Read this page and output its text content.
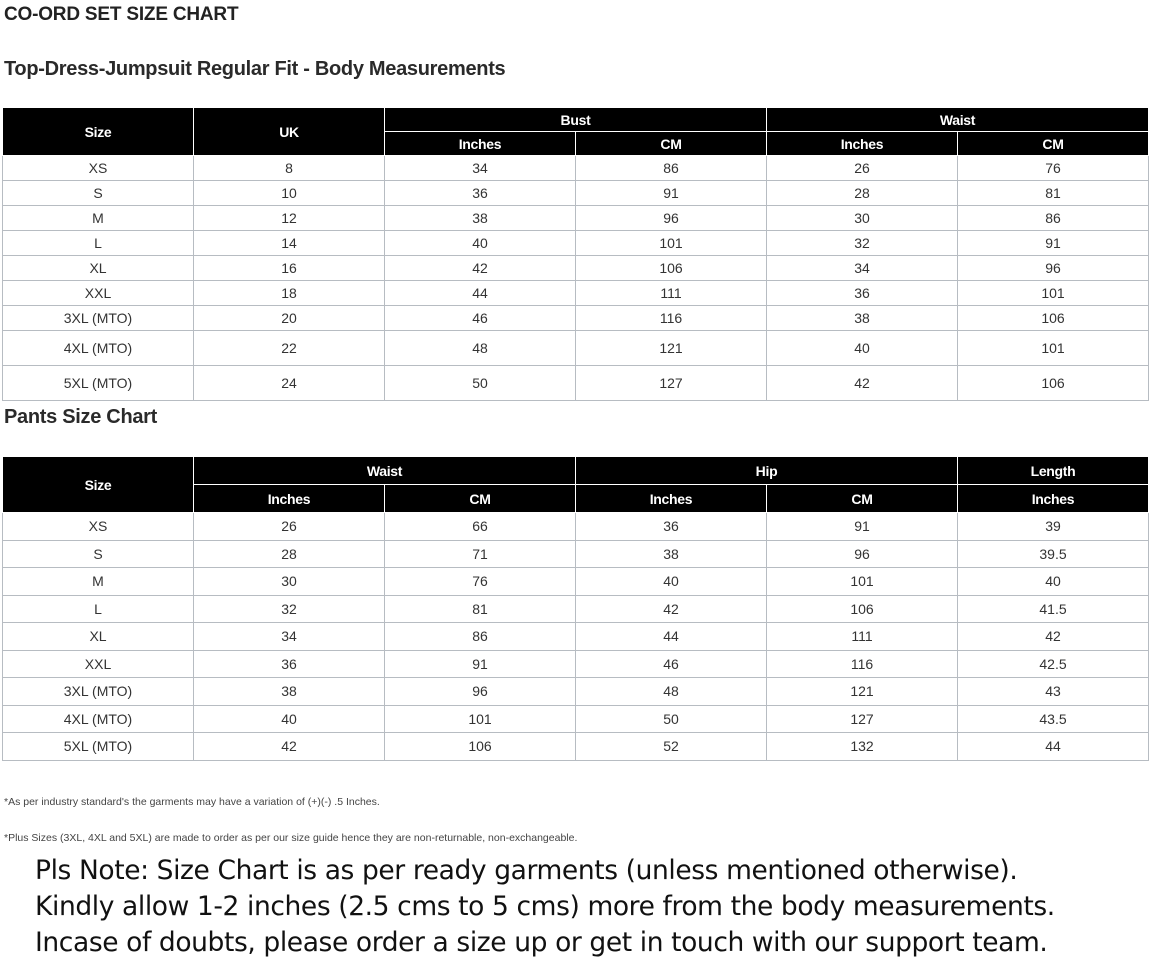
CO-ORD SET SIZE CHART
Top-Dress-Jumpsuit Regular Fit - Body Measurements
Size	UK	Bust		Waist	
		Inches	CM	Inches	CM
XS	8	34	86	26	76
S	10	36	91	28	81
M	12	38	96	30	86
L	14	40	101	32	91
XL	16	42	106	34	96
XXL	18	44	111	36	101
3XL (MTO)	20	46	116	38	106
4XL (MTO)	22	48	121	40	101
5XL (MTO)	24	50	127	42	106
Pants Size Chart
Size	Waist		Hip		Length
	Inches	CM	Inches	CM	Inches
XS	26	66	36	91	39
S	28	71	38	96	39.5
M	30	76	40	101	40
L	32	81	42	106	41.5
XL	34	86	44	111	42
XXL	36	91	46	116	42.5
3XL (MTO)	38	96	48	121	43
4XL (MTO)	40	101	50	127	43.5
5XL (MTO)	42	106	52	132	44
*As per industry standard's the garments may have a variation of (+)(-) .5 Inches.
*Plus Sizes (3XL, 4XL and 5XL) are made to order as per our size guide hence they are non-returnable, non-exchangeable.
Pls Note: Size Chart is as per ready garments (unless mentioned otherwise).
Kindly allow 1-2 inches (2.5 cms to 5 cms) more from the body measurements.
Incase of doubts, please order a size up or get in touch with our support team.
